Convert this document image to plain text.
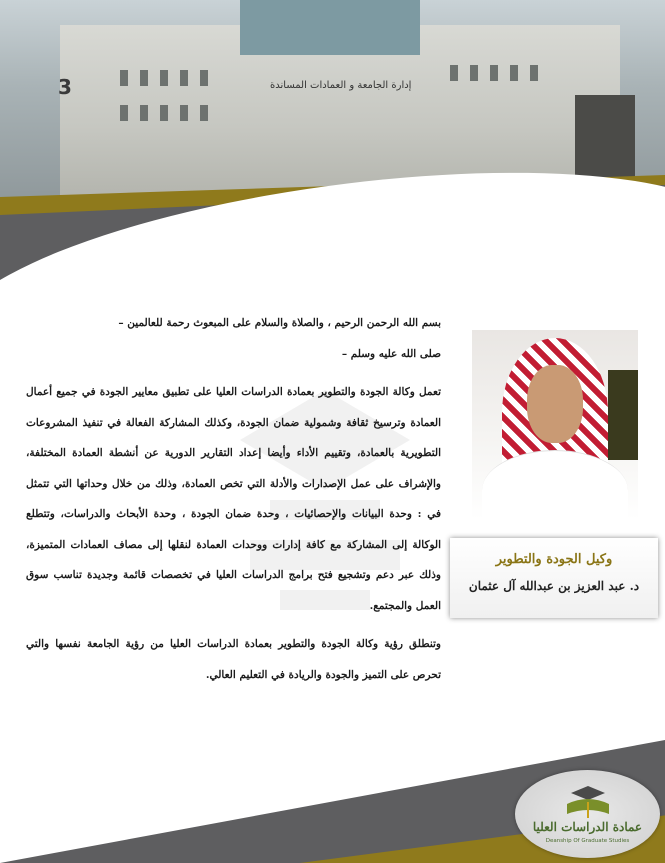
3	إدارة الجامعة و العمادات المساندة

بسم الله الرحمن الرحيم ، والصلاة والسلام على المبعوث رحمة للعالمين –

صلى الله عليه وسلم –

تعمل وكالة الجودة والتطوير بعمادة الدراسات العليا على تطبيق معايير الجودة في جميع أعمال العمادة وترسيخ ثقافة وشمولية ضمان الجودة، وكذلك المشاركة الفعالة في تنفيذ المشروعات التطويرية بالعمادة، وتقييم الأداء وأيضا إعداد التقارير الدورية عن أنشطة العمادة المختلفة، والإشراف على عمل الإصدارات والأدلة التي تخص العمادة، وذلك من خلال وحداتها التي تتمثل في : وحدة البيانات والإحصائيات ، وحدة ضمان الجودة ، وحدة الأبحاث والدراسات، وتتطلع الوكالة إلى المشاركة مع كافة إدارات ووحدات العمادة لنقلها إلى مصاف العمادات المتميزة، وذلك عبر دعم وتشجيع فتح برامج الدراسات العليا في تخصصات قائمة وجديدة تناسب سوق العمل والمجتمع.

وتنطلق رؤية وكالة الجودة والتطوير بعمادة الدراسات العليا من رؤية الجامعة نفسها والتي تحرص على التميز والجودة والريادة في التعليم العالي.

وكيل الجودة والتطوير
د. عبد العزيز بن عبدالله آل عثمان
عمادة الدراسات العليا
Deanship Of Graduate Studies
